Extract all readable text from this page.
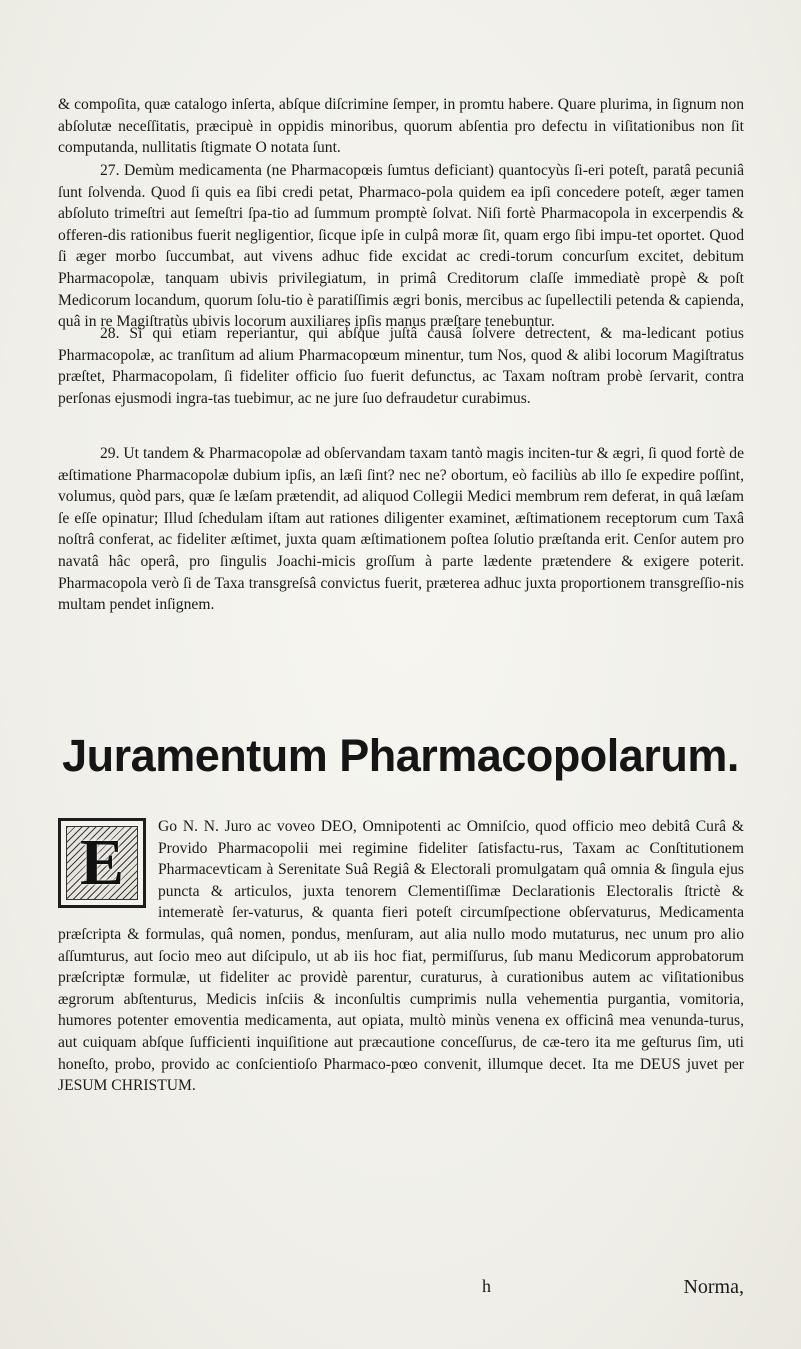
& compoſita, quæ catalogo inſerta, abſque diſcrimine ſemper, in promtu habere. Quare plurima, in ſignum non abſolutæ neceſſitatis, præcipuè in oppidis minoribus, quorum abſentia pro defectu in viſitationibus non ſit computanda, nullitatis ſtigmate O notata ſunt.

27. Demùm medicamenta (ne Pharmacopœis ſumtus deficiant) quantocyùs ſi-eri poteſt, paratâ pecuniâ ſunt ſolvenda. Quod ſi quis ea ſibi credi petat, Pharmaco-pola quidem ea ipſi concedere poteſt, æger tamen abſoluto trimeſtri aut ſemeſtri ſpa-tio ad ſummum promptè ſolvat. Niſi fortè Pharmacopola in excerpendis & offeren-dis rationibus fuerit negligentior, ſicque ipſe in culpâ moræ ſit, quam ergo ſibi impu-tet oportet. Quod ſi æger morbo ſuccumbat, aut vivens adhuc fide excidat ac credi-torum concurſum excitet, debitum Pharmacopolæ, tanquam ubivis privilegiatum, in primâ Creditorum claſſe immediatè propè & poſt Medicorum locandum, quorum ſolu-tio è paratiſſimis ægri bonis, mercibus ac ſupellectili petenda & capienda, quâ in re Magiſtratùs ubivis locorum auxiliares ipſis manus præſtare tenebuntur.

28. Si qui etiam reperiantur, qui abſque juſtâ causâ ſolvere detrectent, & ma-ledicant potius Pharmacopolæ, ac tranſitum ad alium Pharmacopœum minentur, tum Nos, quod & alibi locorum Magiſtratus præſtet, Pharmacopolam, ſi fideliter officio ſuo fuerit defunctus, ac Taxam noſtram probè ſervarit, contra perſonas ejusmodi ingra-tas tuebimur, ac ne jure ſuo defraudetur curabimus.

29. Ut tandem & Pharmacopolæ ad obſervandam taxam tantò magis inciten-tur & ægri, ſi quod fortè de æſtimatione Pharmacopolæ dubium ipſis, an læſi ſint? nec ne? obortum, eò faciliùs ab illo ſe expedire poſſint, volumus, quòd pars, quæ ſe læſam prætendit, ad aliquod Collegii Medici membrum rem deferat, in quâ læſam ſe eſſe opinatur; Illud ſchedulam iſtam aut rationes diligenter examinet, æſtimationem receptorum cum Taxâ noſtrâ conferat, ac fideliter æſtimet, juxta quam æſtimationem poſtea ſolutio præſtanda erit. Cenſor autem pro navatâ hâc operâ, pro ſingulis Joachi-micis groſſum à parte lædente prætendere & exigere poterit. Pharmacopola verò ſi de Taxa transgreſsâ convictus fuerit, præterea adhuc juxta proportionem transgreſſio-nis multam pendet inſignem.

Juramentum Pharmacopolarum.
E	Go N. N. Juro ac voveo DEO, Omnipotenti ac Omniſcio, quod officio meo debitâ Curâ & Provido Pharmacopolii mei regimine fideliter ſatisfactu-rus, Taxam ac Conſtitutionem Pharmacevticam à Serenitate Suâ Regiâ & Electorali promulgatam quâ omnia & ſingula ejus puncta & articulos, juxta tenorem Clementiſſimæ Declarationis Electoralis ſtrictè & intemeratè ſer-vaturus, & quanta fieri poteſt circumſpectione obſervaturus, Medicamenta præſcripta & formulas, quâ nomen, pondus, menſuram, aut alia nullo modo mutaturus, nec unum pro alio aſſumturus, aut ſocio meo aut diſcipulo, ut ab iis hoc fiat, permiſſurus, ſub manu Medicorum approbatorum præſcriptæ formulæ, ut fideliter ac providè parentur, curaturus, à curationibus autem ac viſitationibus ægrorum abſtenturus, Medicis inſciis & inconſultis cumprimis nulla vehementia purgantia, vomitoria, humores potenter emoventia medicamenta, aut opiata, multò minùs venena ex officinâ mea venunda-turus, aut cuiquam abſque ſufficienti inquiſitione aut præcautione conceſſurus, de cæ-tero ita me geſturus ſim, uti honeſto, probo, provido ac conſcientioſo Pharmaco-pœo convenit, illumque decet. Ita me DEUS juvet per JESUM CHRISTUM.
h	Norma,
